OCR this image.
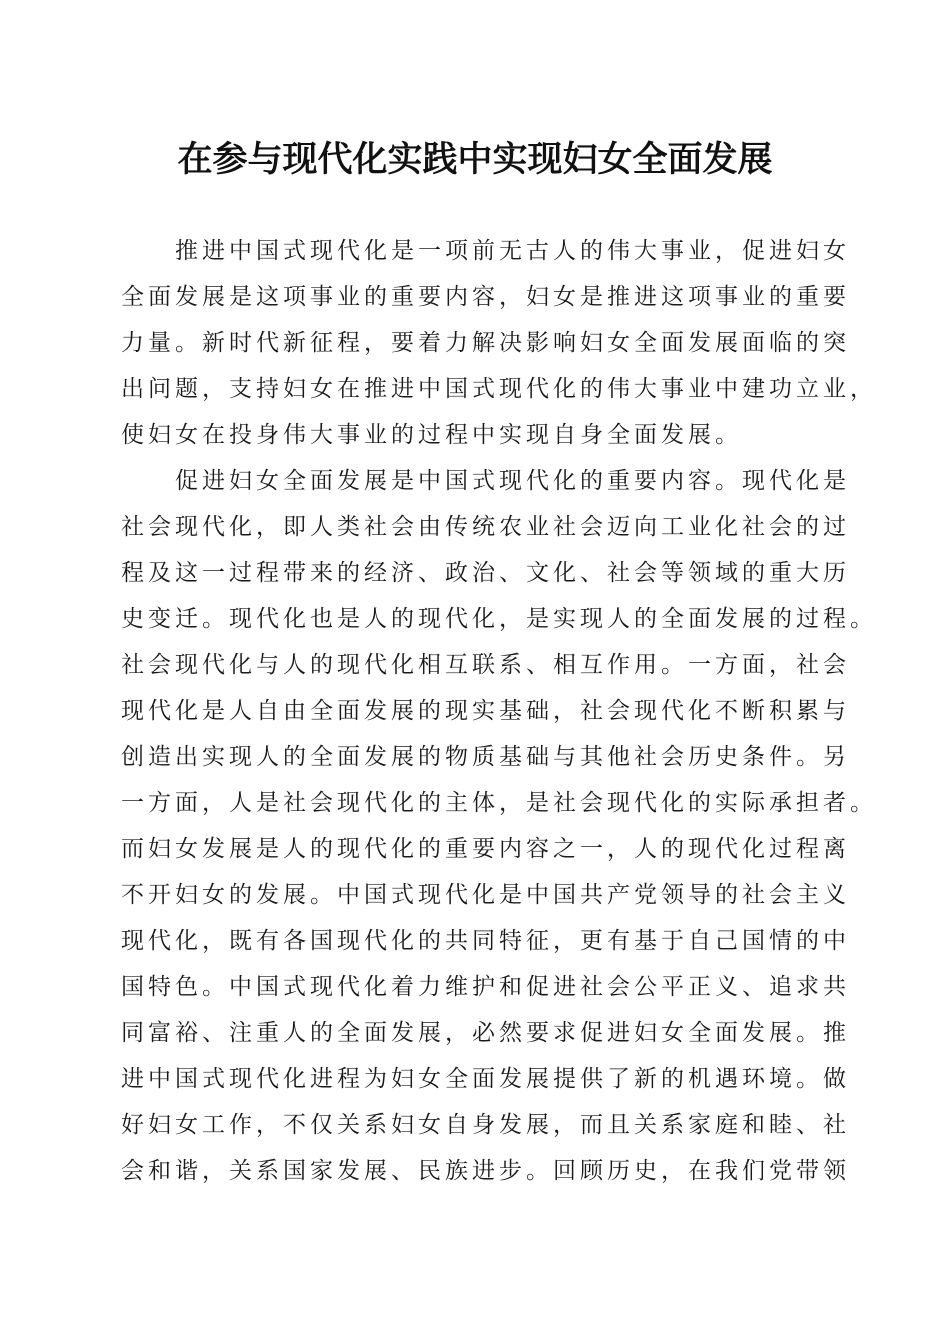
在参与现代化实践中实现妇女全面发展
推进中国式现代化是一项前无古人的伟大事业，促进妇女
全面发展是这项事业的重要内容，妇女是推进这项事业的重要
力量。新时代新征程，要着力解决影响妇女全面发展面临的突
出问题，支持妇女在推进中国式现代化的伟大事业中建功立业，
使妇女在投身伟大事业的过程中实现自身全面发展。
促进妇女全面发展是中国式现代化的重要内容。现代化是
社会现代化，即人类社会由传统农业社会迈向工业化社会的过
程及这一过程带来的经济、政治、文化、社会等领域的重大历
史变迁。现代化也是人的现代化，是实现人的全面发展的过程。
社会现代化与人的现代化相互联系、相互作用。一方面，社会
现代化是人自由全面发展的现实基础，社会现代化不断积累与
创造出实现人的全面发展的物质基础与其他社会历史条件。另
一方面，人是社会现代化的主体，是社会现代化的实际承担者。
而妇女发展是人的现代化的重要内容之一，人的现代化过程离
不开妇女的发展。中国式现代化是中国共产党领导的社会主义
现代化，既有各国现代化的共同特征，更有基于自己国情的中
国特色。中国式现代化着力维护和促进社会公平正义、追求共
同富裕、注重人的全面发展，必然要求促进妇女全面发展。推
进中国式现代化进程为妇女全面发展提供了新的机遇环境。做
好妇女工作，不仅关系妇女自身发展，而且关系家庭和睦、社
会和谐，关系国家发展、民族进步。回顾历史，在我们党带领
